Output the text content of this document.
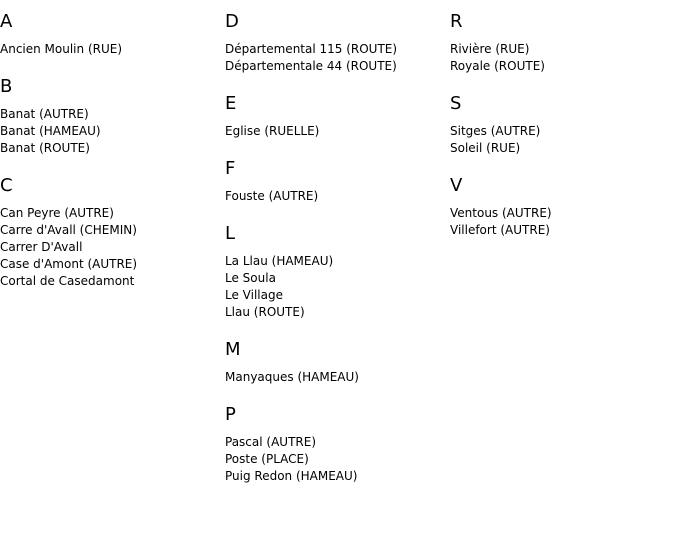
A
Ancien Moulin (RUE)
B
Banat (AUTRE)
Banat (HAMEAU)
Banat (ROUTE)
C
Can Peyre (AUTRE)
Carre d'Avall (CHEMIN)
Carrer D'Avall
Case d'Amont (AUTRE)
Cortal de Casedamont
D
Départemental 115 (ROUTE)
Départementale 44 (ROUTE)
E
Eglise (RUELLE)
F
Fouste (AUTRE)
L
La Llau (HAMEAU)
Le Soula
Le Village
Llau (ROUTE)
M
Manyaques (HAMEAU)
P
Pascal (AUTRE)
Poste (PLACE)
Puig Redon (HAMEAU)
R
Rivière (RUE)
Royale (ROUTE)
S
Sitges (AUTRE)
Soleil (RUE)
V
Ventous (AUTRE)
Villefort (AUTRE)
